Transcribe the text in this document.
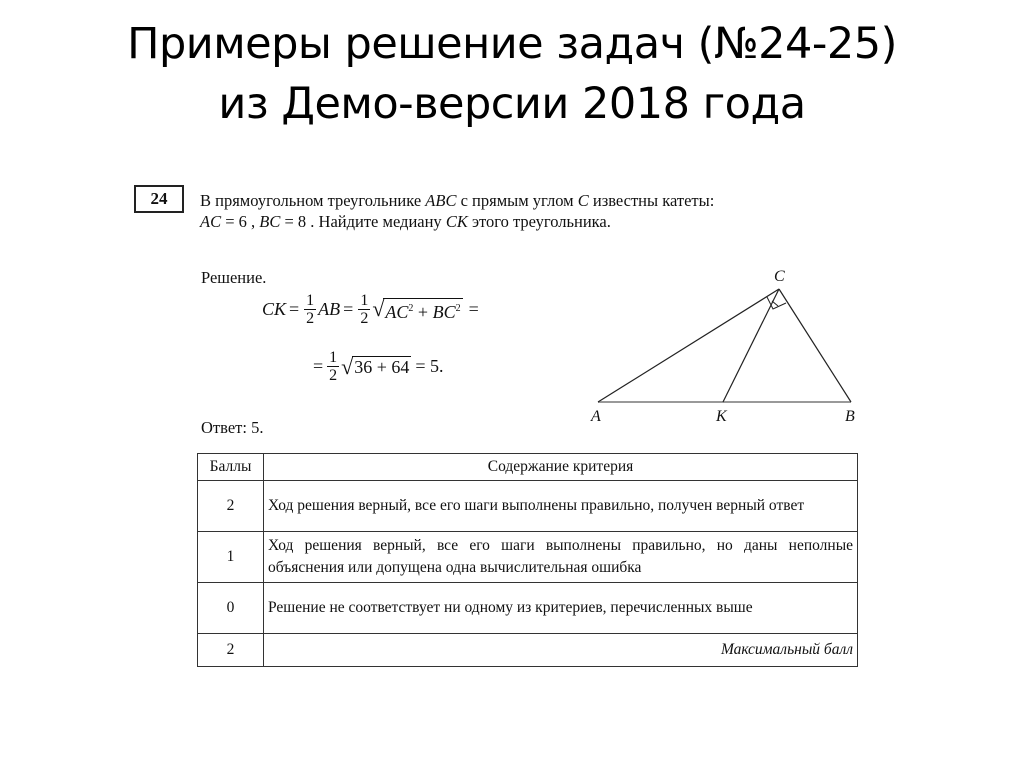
Примеры решение задач (№24-25)
из Демо-версии 2018 года
24	В прямоугольном треугольнике ABC с прямым углом C известны катеты:
AC = 6 , BC = 8 . Найдите медиану CK этого треугольника.
Решение.
CK = $\frac{1}{2}$ AB = $\frac{1}{2}$ √ $AC^2 + BC^2$ =
= $\frac{1}{2}$ √ 36 + 64 = 5.
Ответ: 5.
C
A	K	B
Баллы	Содержание критерия
2	Ход решения верный, все его шаги выполнены правильно, получен верный ответ
1	Ход решения верный, все его шаги выполнены правильно, но даны неполные объяснения или допущена одна вычислительная ошибка
0	Решение не соответствует ни одному из критериев, перечисленных выше
2	Максимальный балл
